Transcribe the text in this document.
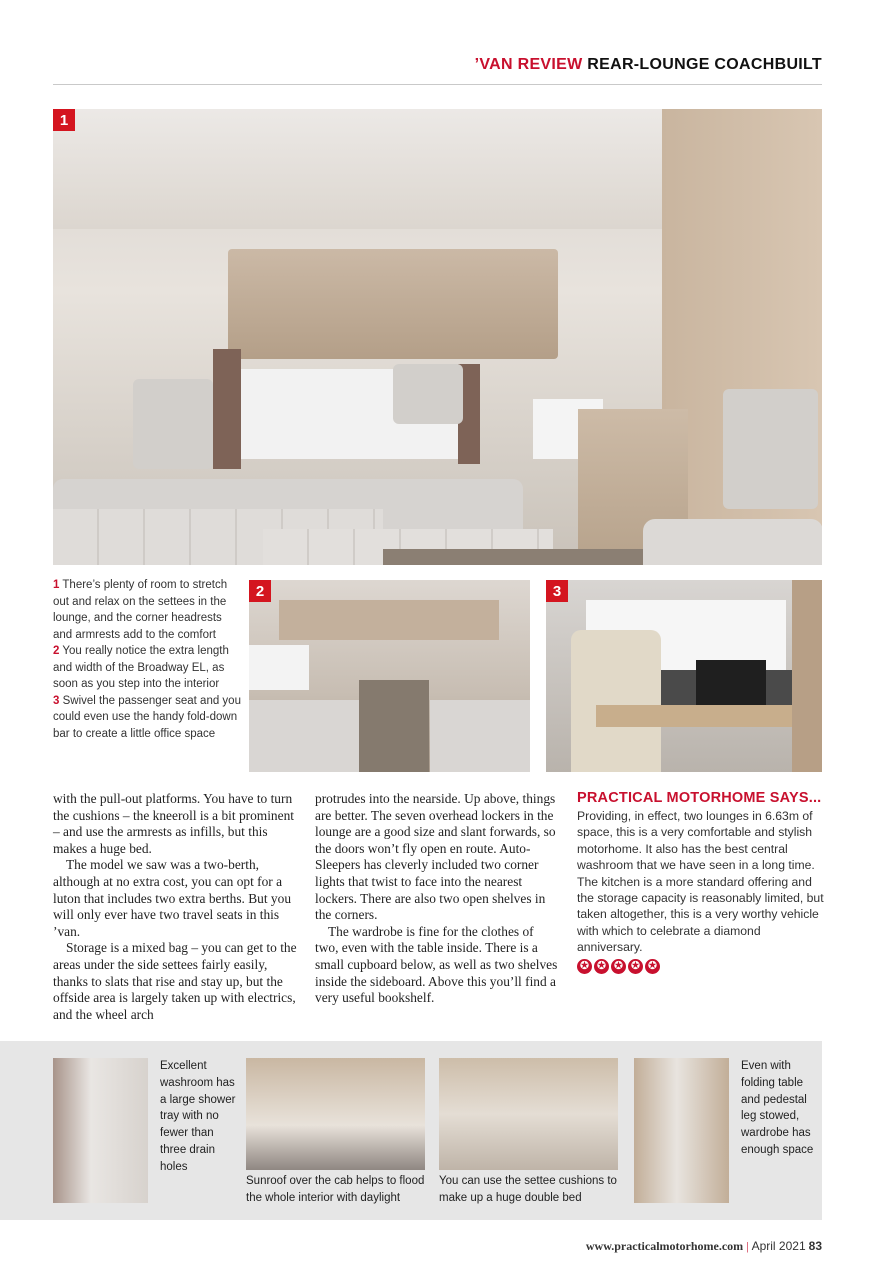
’VAN REVIEW REAR-LOUNGE COACHBUILT
1
1 There’s plenty of room to stretch out and relax on the settees in the lounge, and the corner headrests and armrests add to the comfort
2 You really notice the extra length and width of the Broadway EL, as soon as you step into the interior
3 Swivel the passenger seat and you could even use the handy fold-down bar to create a little office space
2	3

with the pull-out platforms. You have to turn the cushions – the kneeroll is a bit prominent – and use the armrests as infills, but this makes a huge bed.

The model we saw was a two-berth, although at no extra cost, you can opt for a luton that includes two extra berths. But you will only ever have two travel seats in this ’van.

Storage is a mixed bag – you can get to the areas under the side settees fairly easily, thanks to slats that rise and stay up, but the offside area is largely taken up with electrics, and the wheel arch

protrudes into the nearside. Up above, things are better. The seven overhead lockers in the lounge are a good size and slant forwards, so the doors won’t fly open en route. Auto-Sleepers has cleverly included two corner lights that twist to face into the nearest lockers. There are also two open shelves in the corners.

The wardrobe is fine for the clothes of two, even with the table inside. There is a small cupboard below, as well as two shelves inside the sideboard. Above this you’ll find a very useful bookshelf.

PRACTICAL MOTORHOME SAYS...
Providing, in effect, two lounges in 6.63m of space, this is a very comfortable and stylish motorhome. It also has the best central washroom that we have seen in a long time. The kitchen is a more standard offering and the storage capacity is reasonably limited, but taken altogether, this is a very worthy vehicle with which to celebrate a diamond anniversary.
✪ ✪ ✪ ✪ ✪
Excellent washroom has a large shower tray with no fewer than three drain holes
Sunroof over the cab helps to flood the whole interior with daylight
You can use the settee cushions to make up a huge double bed
Even with folding table and pedestal leg stowed, wardrobe has enough space
www.practicalmotorhome.com | April 2021 83
